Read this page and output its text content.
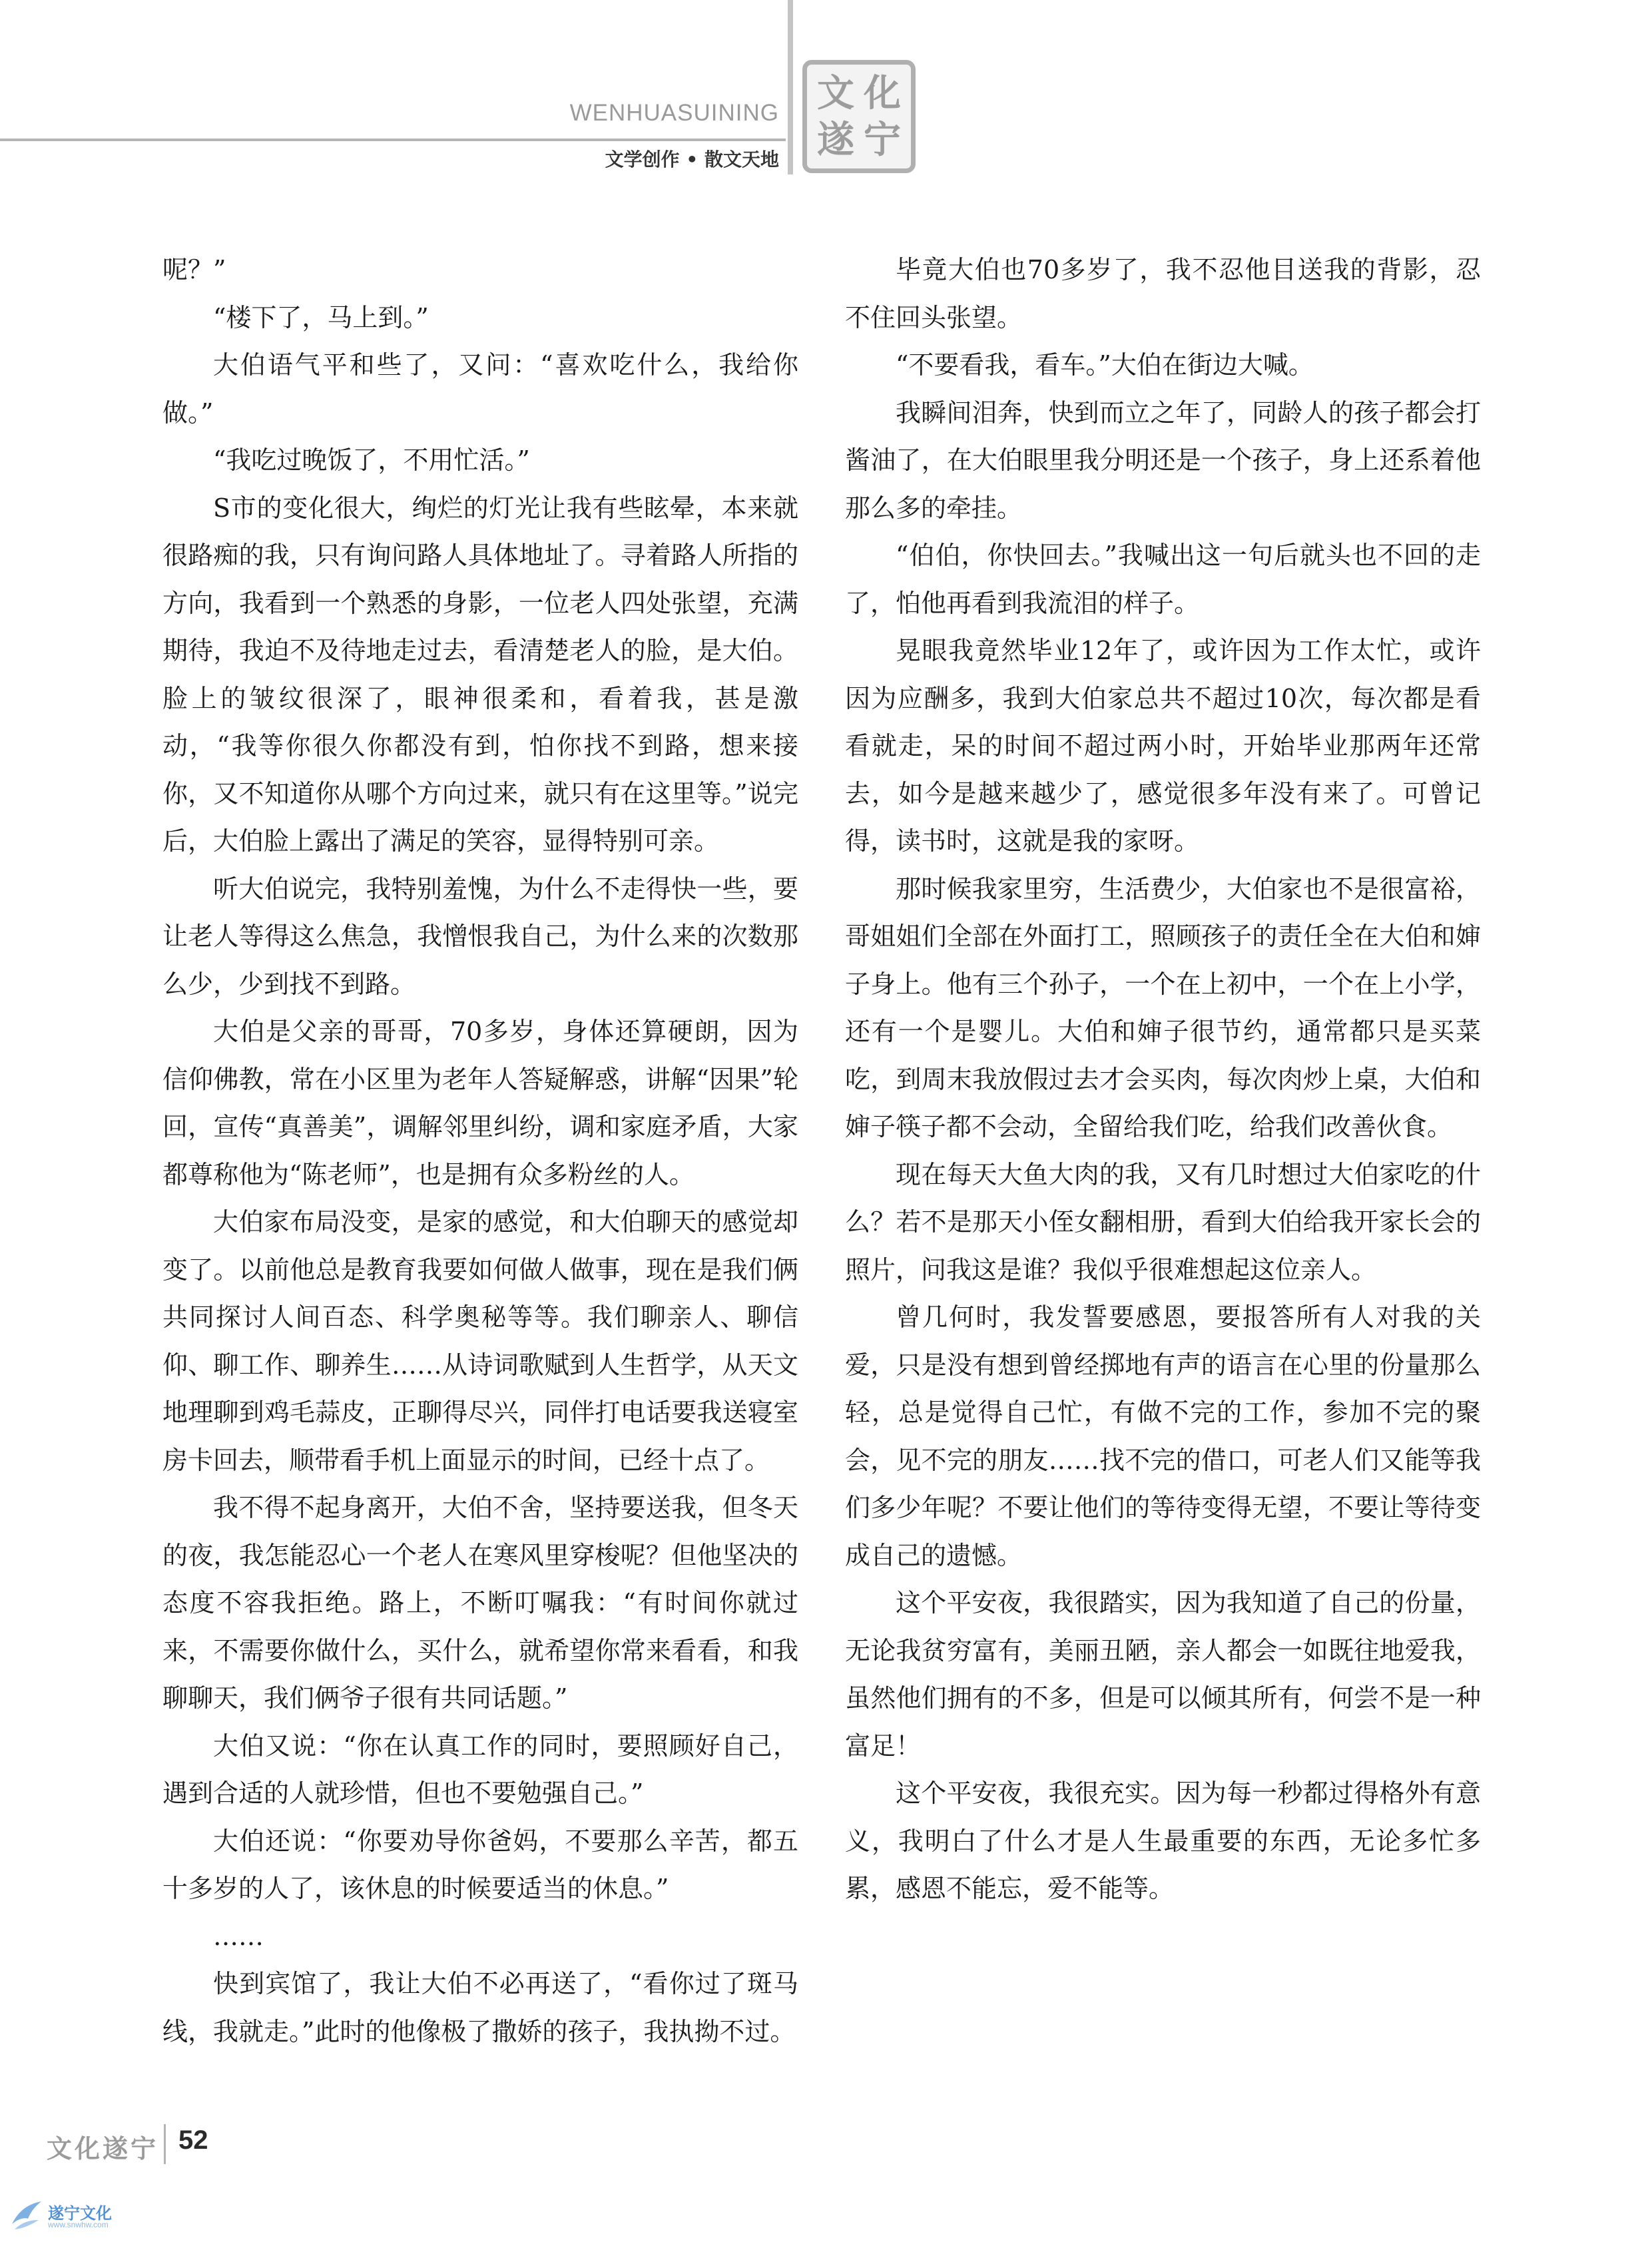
WENHUASUINING
文学创作 • 散文天地
文 化
遂 宁

呢？”

“楼下了，马上到。”

大伯语气平和些了，又问：“喜欢吃什么，我给你做。”

“我吃过晚饭了，不用忙活。”

S市的变化很大，绚烂的灯光让我有些眩晕，本来就很路痴的我，只有询问路人具体地址了。寻着路人所指的方向，我看到一个熟悉的身影，一位老人四处张望，充满期待，我迫不及待地走过去，看清楚老人的脸，是大伯。脸上的皱纹很深了，眼神很柔和，看着我，甚是激动，“我等你很久你都没有到，怕你找不到路，想来接你，又不知道你从哪个方向过来，就只有在这里等。”说完后，大伯脸上露出了满足的笑容，显得特别可亲。

听大伯说完，我特别羞愧，为什么不走得快一些，要让老人等得这么焦急，我憎恨我自己，为什么来的次数那么少，少到找不到路。

大伯是父亲的哥哥，70多岁，身体还算硬朗，因为信仰佛教，常在小区里为老年人答疑解惑，讲解“因果”轮回，宣传“真善美”，调解邻里纠纷，调和家庭矛盾，大家都尊称他为“陈老师”，也是拥有众多粉丝的人。

大伯家布局没变，是家的感觉，和大伯聊天的感觉却变了。以前他总是教育我要如何做人做事，现在是我们俩共同探讨人间百态、科学奥秘等等。我们聊亲人、聊信仰、聊工作、聊养生……从诗词歌赋到人生哲学，从天文地理聊到鸡毛蒜皮，正聊得尽兴，同伴打电话要我送寝室房卡回去，顺带看手机上面显示的时间，已经十点了。

我不得不起身离开，大伯不舍，坚持要送我，但冬天的夜，我怎能忍心一个老人在寒风里穿梭呢？但他坚决的态度不容我拒绝。路上，不断叮嘱我：“有时间你就过来，不需要你做什么，买什么，就希望你常来看看，和我聊聊天，我们俩爷子很有共同话题。”

大伯又说：“你在认真工作的同时，要照顾好自己，遇到合适的人就珍惜，但也不要勉强自己。”

大伯还说：“你要劝导你爸妈，不要那么辛苦，都五十多岁的人了，该休息的时候要适当的休息。”

……

快到宾馆了，我让大伯不必再送了，“看你过了斑马线，我就走。”此时的他像极了撒娇的孩子，我执拗不过。

毕竟大伯也70多岁了，我不忍他目送我的背影，忍不住回头张望。

“不要看我，看车。”大伯在街边大喊。

我瞬间泪奔，快到而立之年了，同龄人的孩子都会打酱油了，在大伯眼里我分明还是一个孩子，身上还系着他那么多的牵挂。

“伯伯，你快回去。”我喊出这一句后就头也不回的走了，怕他再看到我流泪的样子。

晃眼我竟然毕业12年了，或许因为工作太忙，或许因为应酬多，我到大伯家总共不超过10次，每次都是看看就走，呆的时间不超过两小时，开始毕业那两年还常去，如今是越来越少了，感觉很多年没有来了。可曾记得，读书时，这就是我的家呀。

那时候我家里穷，生活费少，大伯家也不是很富裕，哥姐姐们全部在外面打工，照顾孩子的责任全在大伯和婶子身上。他有三个孙子，一个在上初中，一个在上小学，还有一个是婴儿。大伯和婶子很节约，通常都只是买菜吃，到周末我放假过去才会买肉，每次肉炒上桌，大伯和婶子筷子都不会动，全留给我们吃，给我们改善伙食。

现在每天大鱼大肉的我，又有几时想过大伯家吃的什么？若不是那天小侄女翻相册，看到大伯给我开家长会的照片，问我这是谁？我似乎很难想起这位亲人。

曾几何时，我发誓要感恩，要报答所有人对我的关爱，只是没有想到曾经掷地有声的语言在心里的份量那么轻，总是觉得自己忙，有做不完的工作，参加不完的聚会，见不完的朋友……找不完的借口，可老人们又能等我们多少年呢？不要让他们的等待变得无望，不要让等待变成自己的遗憾。

这个平安夜，我很踏实，因为我知道了自己的份量，无论我贫穷富有，美丽丑陋，亲人都会一如既往地爱我，虽然他们拥有的不多，但是可以倾其所有，何尝不是一种富足！

这个平安夜，我很充实。因为每一秒都过得格外有意义，我明白了什么才是人生最重要的东西，无论多忙多累，感恩不能忘，爱不能等。

文化遂宁 52
遂宁文化
www.snwhw.com
